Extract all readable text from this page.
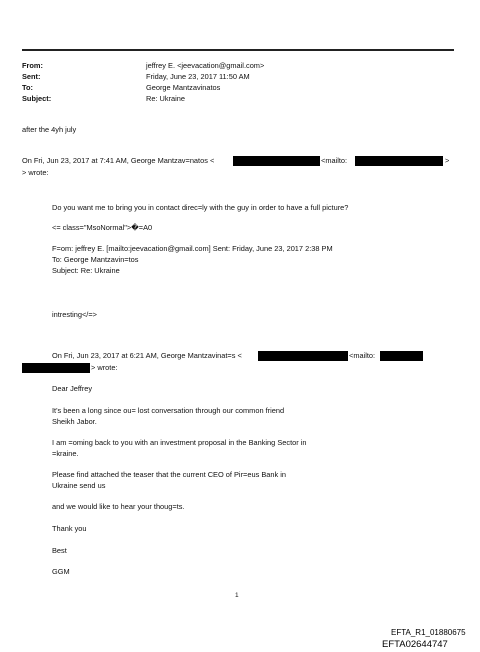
From:	jeffrey E. <jeevacation@gmail.com>
Sent:	Friday, June 23, 2017 11:50 AM
To:	George Mantzavinatos
Subject:	Re: Ukraine
after the 4yh july
On Fri, Jun 23, 2017 at 7:41 AM, George Mantzav=natos <	<mailto:	>
> wrote:
Do you want me to bring you in contact direc=ly with the guy in order to have a full picture?
<= class="MsoNormal">�=A0
F=om: jeffrey E. [mailto:jeevacation@gmail.com] Sent: Friday, June 23, 2017 2:38 PM
To: George Mantzavin=tos
Subject: Re: Ukraine
intresting</=>
On Fri, Jun 23, 2017 at 6:21 AM, George Mantzavinat=s <	<mailto:
> wrote:
Dear Jeffrey
It's been a long since ou= lost conversation through our common friend
Sheikh Jabor.
I am =oming back to you with an investment proposal in the Banking Sector in
=kraine.
Please find attached the teaser that the current CEO of Pir=eus Bank in
Ukraine send us
and we would like to hear your thoug=ts.
Thank you
Best
GGM
1
EFTA_R1_01880675
EFTA02644747
